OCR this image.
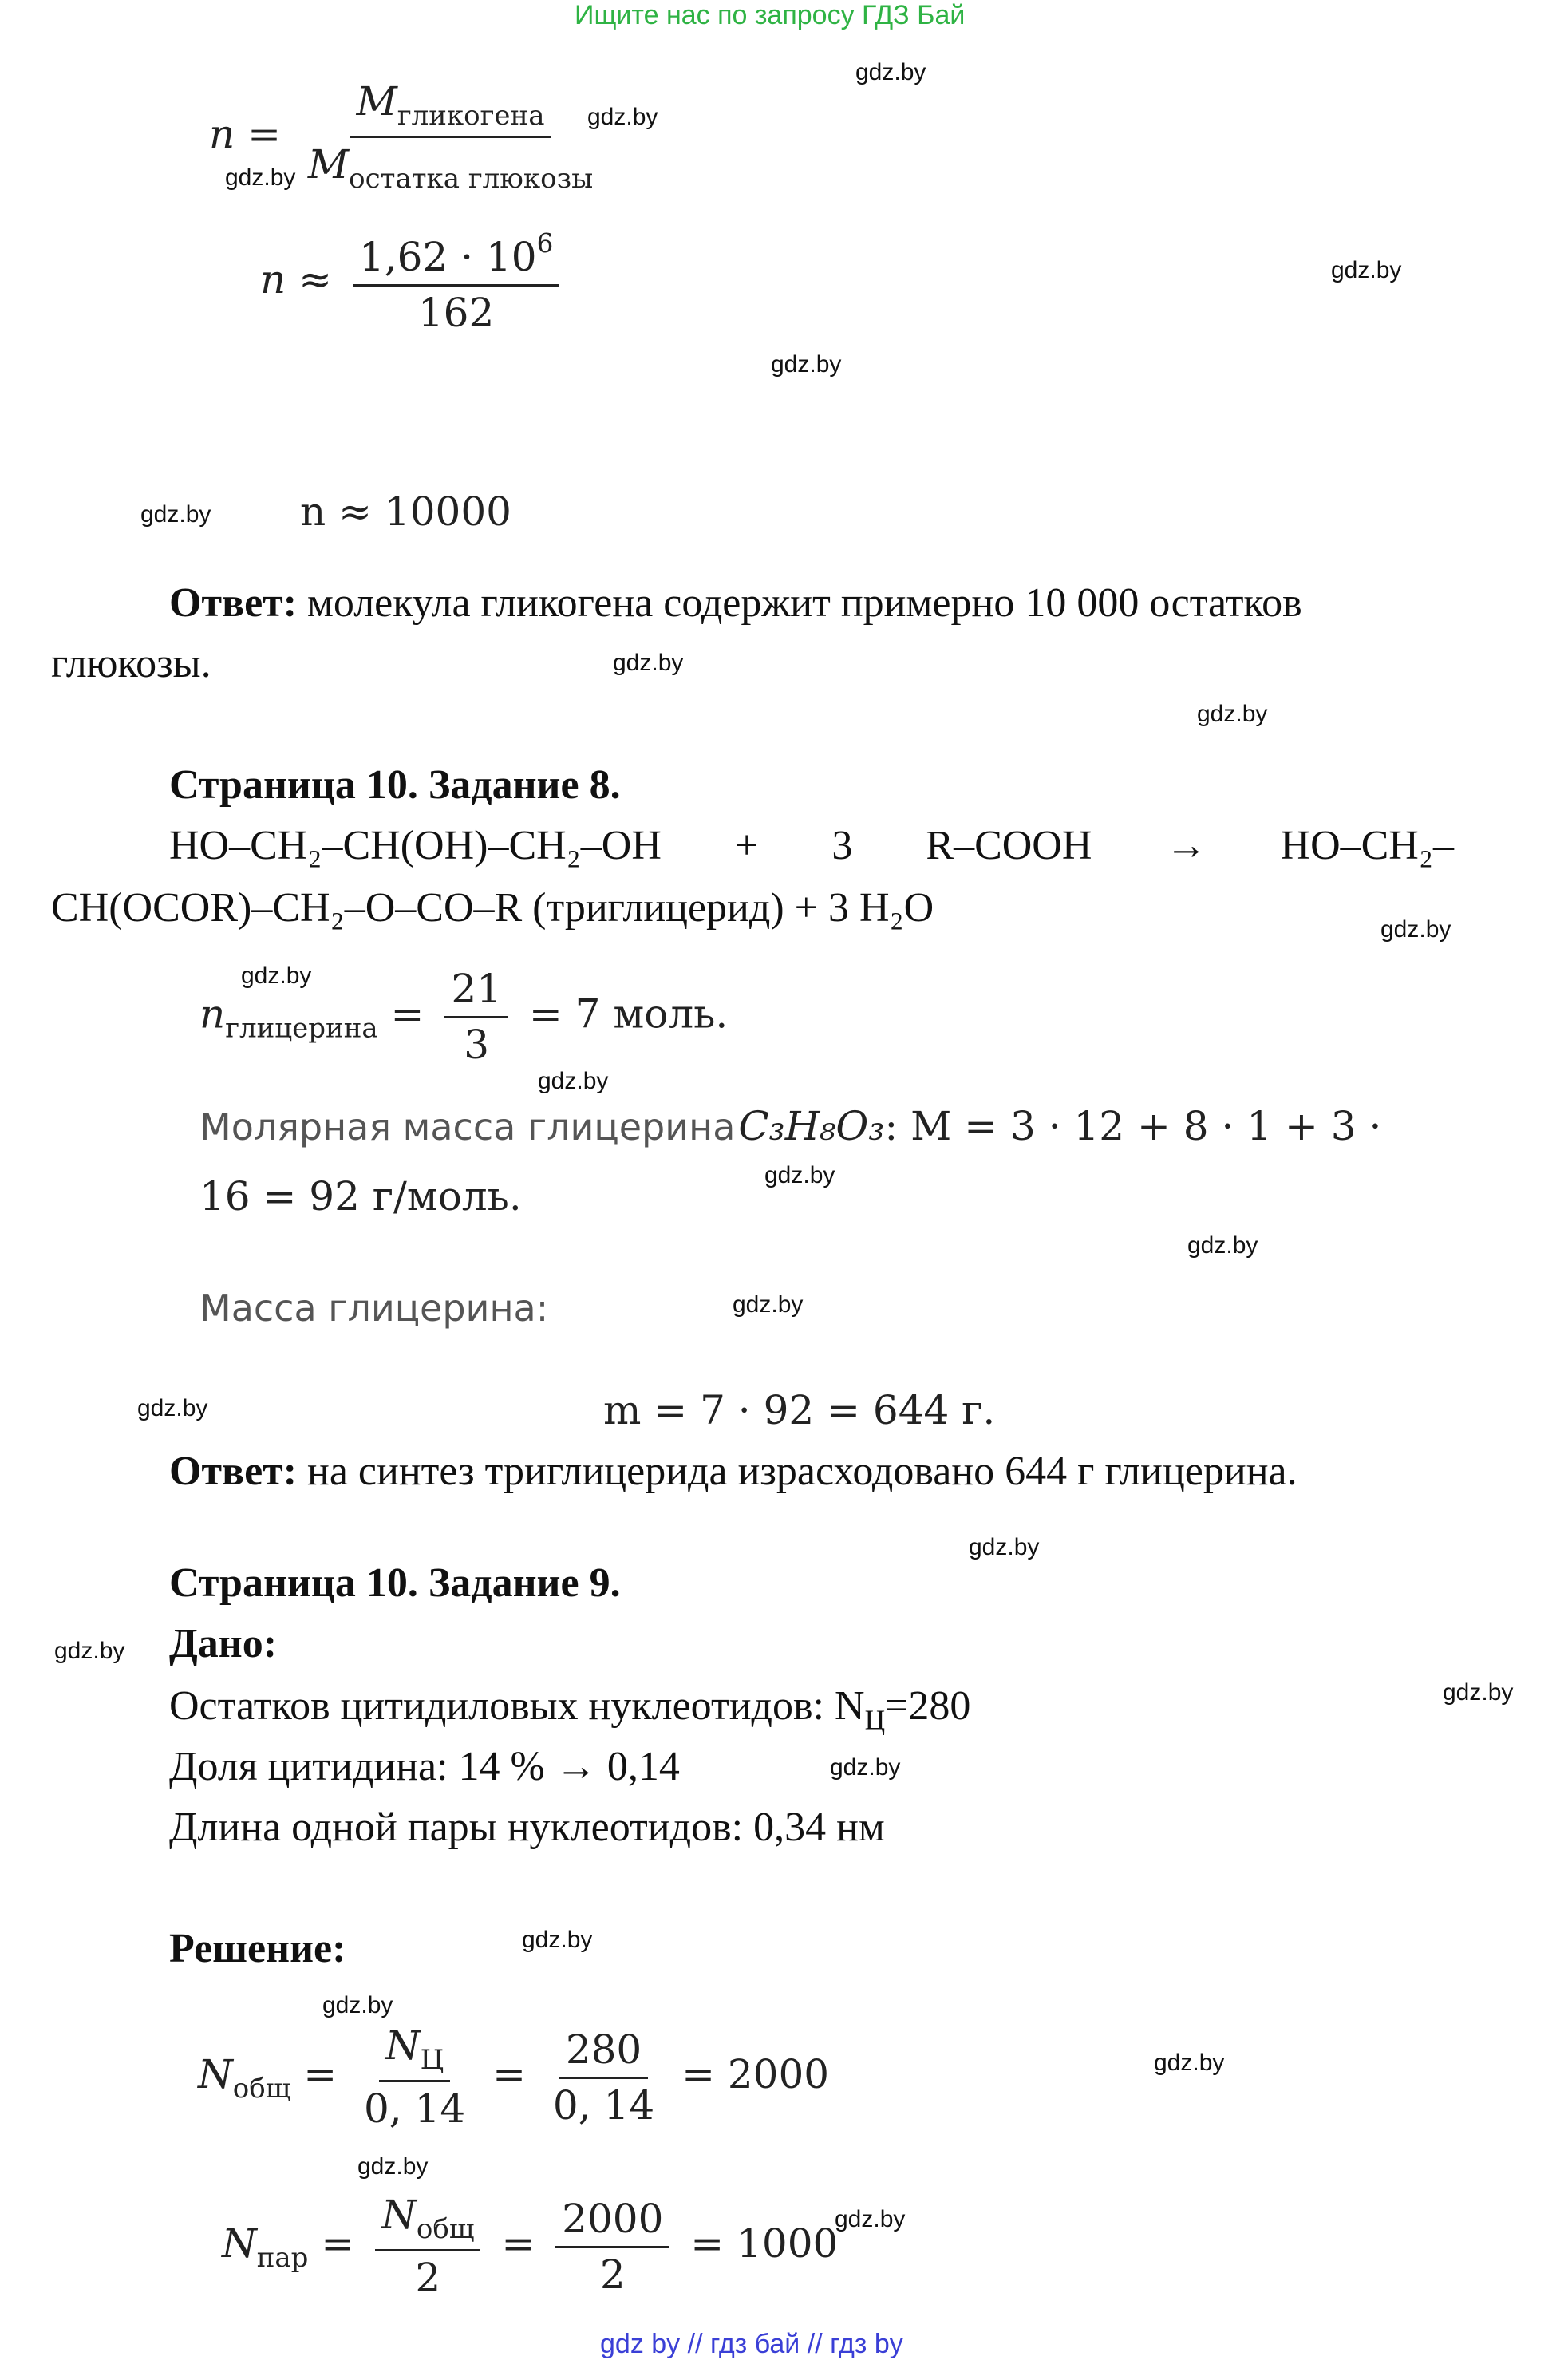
Ищите нас по запросу ГДЗ Бай
gdz.by
gdz.by
gdz.by
gdz.by
gdz.by
gdz.by
gdz.by
gdz.by
gdz.by
gdz.by
gdz.by
gdz.by
gdz.by
gdz.by
gdz.by
gdz.by
gdz.by
gdz.by
gdz.by
gdz.by
gdz.by
gdz.by
gdz.by
gdz.by
$n = \frac{M_{гликогена}}{M_{остатка глюкозы}}$
$n \approx \frac{1,62 \cdot 10^6}{162}$
n ≈ 10000
Ответ: молекула гликогена содержит примерно 10 000 остатков
глюкозы.
Страница 10. Задание 8.
HO–CH₂–CH(OH)–CH₂–OH + 3 R–COOH → HO–CH₂–
CH(OCOR)–CH₂–O–CO–R (триглицерид) + 3 H₂O
$n_{глицерина} = \frac{21}{3} = 7$ моль.
Молярная масса глицерина C₃H₈O₃: M = 3 · 12 + 8 · 1 + 3 ·
16 = 92 г/моль.
Масса глицерина:
m = 7 · 92 = 644 г.
Ответ: на синтез триглицерида израсходовано 644 г глицерина.
Страница 10. Задание 9.
Дано:
Остатков цитидиловых нуклеотидов: $N_Ц=280$
Доля цитидина: 14 % → 0,14
Длина одной пары нуклеотидов: 0,34 нм
Решение:
$N_{общ} = \frac{N_Ц}{0, 14} = \frac{280}{0, 14} = 2000$
$N_{пар} = \frac{N_{общ}}{2} = \frac{2000}{2} = 1000$
gdz by // гдз бай // гдз by
